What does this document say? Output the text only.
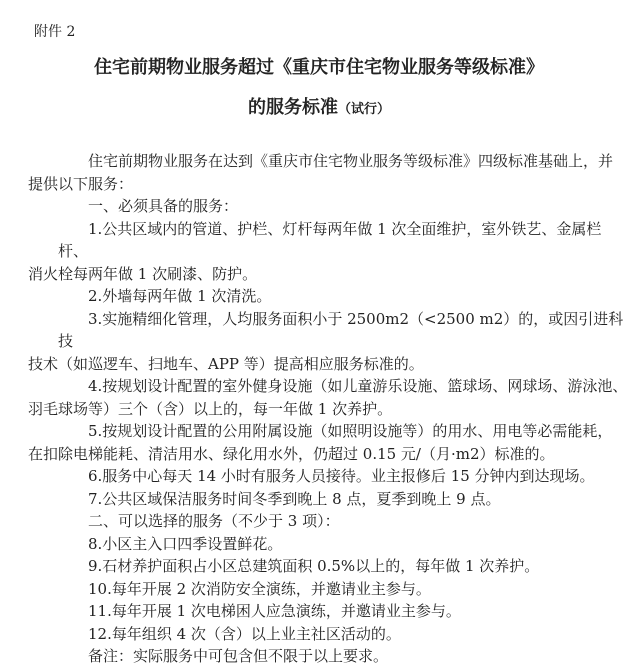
附件 2
住宅前期物业服务超过《重庆市住宅物业服务等级标准》
的服务标准（试行）

住宅前期物业服务在达到《重庆市住宅物业服务等级标准》四级标准基础上，并
提供以下服务：

一、必须具备的服务：

1.公共区域内的管道、护栏、灯杆每两年做 1 次全面维护，室外铁艺、金属栏杆、
消火栓每两年做 1 次刷漆、防护。

2.外墙每两年做 1 次清洗。

3.实施精细化管理，人均服务面积小于 2500m2（<2500 m2）的，或因引进科技
技术（如巡逻车、扫地车、APP 等）提高相应服务标准的。

4.按规划设计配置的室外健身设施（如儿童游乐设施、篮球场、网球场、游泳池、
羽毛球场等）三个（含）以上的，每一年做 1 次养护。

5.按规划设计配置的公用附属设施（如照明设施等）的用水、用电等必需能耗，
在扣除电梯能耗、清洁用水、绿化用水外，仍超过 0.15 元/（月·m2）标准的。

6.服务中心每天 14 小时有服务人员接待。业主报修后 15 分钟内到达现场。

7.公共区域保洁服务时间冬季到晚上 8 点，夏季到晚上 9 点。

二、可以选择的服务（不少于 3 项）：

8.小区主入口四季设置鲜花。

9.石材养护面积占小区总建筑面积 0.5%以上的，每年做 1 次养护。

10.每年开展 2 次消防安全演练，并邀请业主参与。

11.每年开展 1 次电梯困人应急演练，并邀请业主参与。

12.每年组织 4 次（含）以上业主社区活动的。

备注：实际服务中可包含但不限于以上要求。
